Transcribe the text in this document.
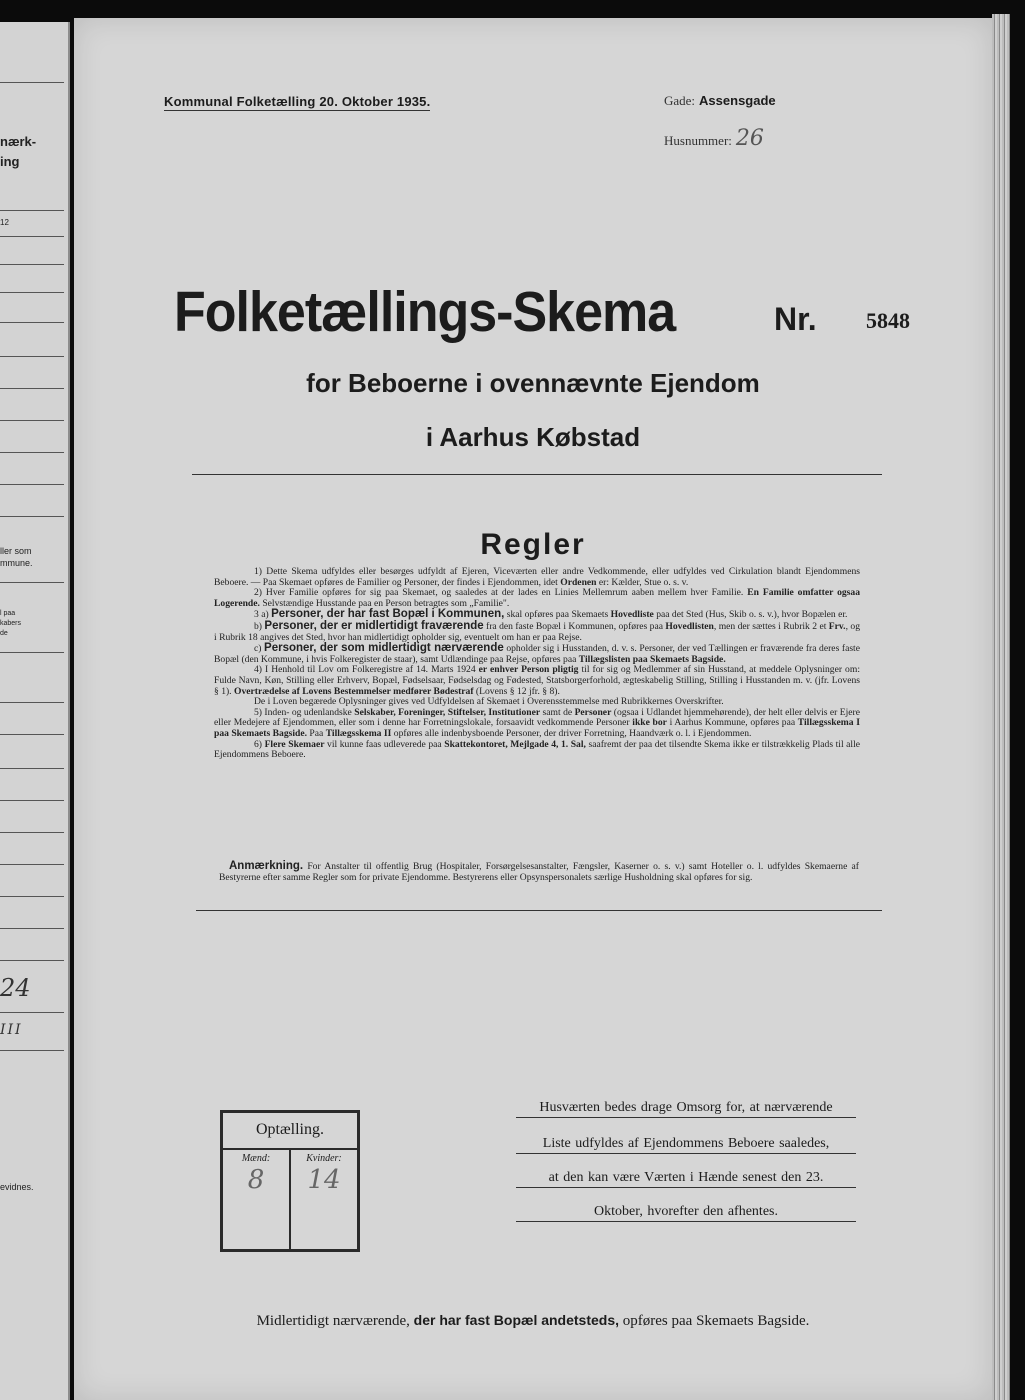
nærk-
ing
12
ller som
mmune.
l paa
kabers
de
24
III
evidnes.
Kommunal Folketælling 20. Oktober 1935.	Gade: Assensgade
Husnummer: 26
Folketællings-Skema	Nr. 5848
for Beboerne i ovennævnte Ejendom
i Aarhus Købstad
Regler

1) Dette Skema udfyldes eller besørges udfyldt af Ejeren, Viceværten eller andre Vedkommende, eller udfyldes ved Cirkulation blandt Ejendommens Beboere. — Paa Skemaet opføres de Familier og Personer, der findes i Ejendommen, idet Ordenen er: Kælder, Stue o. s. v.

2) Hver Familie opføres for sig paa Skemaet, og saaledes at der lades en Linies Mellemrum aaben mellem hver Familie. En Familie omfatter ogsaa Logerende. Selvstændige Husstande paa en Person betragtes som „Familie".

3 a) Personer, der har fast Bopæl i Kommunen, skal opføres paa Skemaets Hovedliste paa det Sted (Hus, Skib o. s. v.), hvor Bopælen er.

b) Personer, der er midlertidigt fraværende fra den faste Bopæl i Kommunen, opføres paa Hovedlisten, men der sættes i Rubrik 2 et Frv., og i Rubrik 18 angives det Sted, hvor han midlertidigt opholder sig, eventuelt om han er paa Rejse.

c) Personer, der som midlertidigt nærværende opholder sig i Husstanden, d. v. s. Personer, der ved Tællingen er fraværende fra deres faste Bopæl (den Kommune, i hvis Folkeregister de staar), samt Udlændinge paa Rejse, opføres paa Tillægslisten paa Skemaets Bagside.

4) I Henhold til Lov om Folkeregistre af 14. Marts 1924 er enhver Person pligtig til for sig og Medlemmer af sin Husstand, at meddele Oplysninger om: Fulde Navn, Køn, Stilling eller Erhverv, Bopæl, Fødselsaar, Fødselsdag og Fødested, Statsborgerforhold, ægteskabelig Stilling, Stilling i Husstanden m. v. (jfr. Lovens § 1). Overtrædelse af Lovens Bestemmelser medfører Bødestraf (Lovens § 12 jfr. § 8).

De i Loven begærede Oplysninger gives ved Udfyldelsen af Skemaet i Overensstemmelse med Rubrikkernes Overskrifter.

5) Inden- og udenlandske Selskaber, Foreninger, Stiftelser, Institutioner samt de Personer (ogsaa i Udlandet hjemmehørende), der helt eller delvis er Ejere eller Medejere af Ejendommen, eller som i denne har Forretningslokale, forsaavidt vedkommende Personer ikke bor i Aarhus Kommune, opføres paa Tillægsskema I paa Skemaets Bagside. Paa Tillægsskema II opføres alle indenbysboende Personer, der driver Forretning, Haandværk o. l. i Ejendommen.

6) Flere Skemaer vil kunne faas udleverede paa Skattekontoret, Mejlgade 4, 1. Sal, saafremt der paa det tilsendte Skema ikke er tilstrækkelig Plads til alle Ejendommens Beboere.

Anmærkning. For Anstalter til offentlig Brug (Hospitaler, Forsørgelsesanstalter, Fængsler, Kaserner o. s. v.) samt Hoteller o. l. udfyldes Skemaerne af Bestyrerne efter samme Regler som for private Ejendomme. Bestyrerens eller Opsynspersonalets særlige Husholdning skal opføres for sig.
Optælling.
Mænd:	Kvinder:
8	14
Husværten bedes drage Omsorg for, at nærværende
Liste udfyldes af Ejendommens Beboere saaledes,
at den kan være Værten i Hænde senest den 23.
Oktober, hvorefter den afhentes.
Midlertidigt nærværende, der har fast Bopæl andetsteds, opføres paa Skemaets Bagside.
